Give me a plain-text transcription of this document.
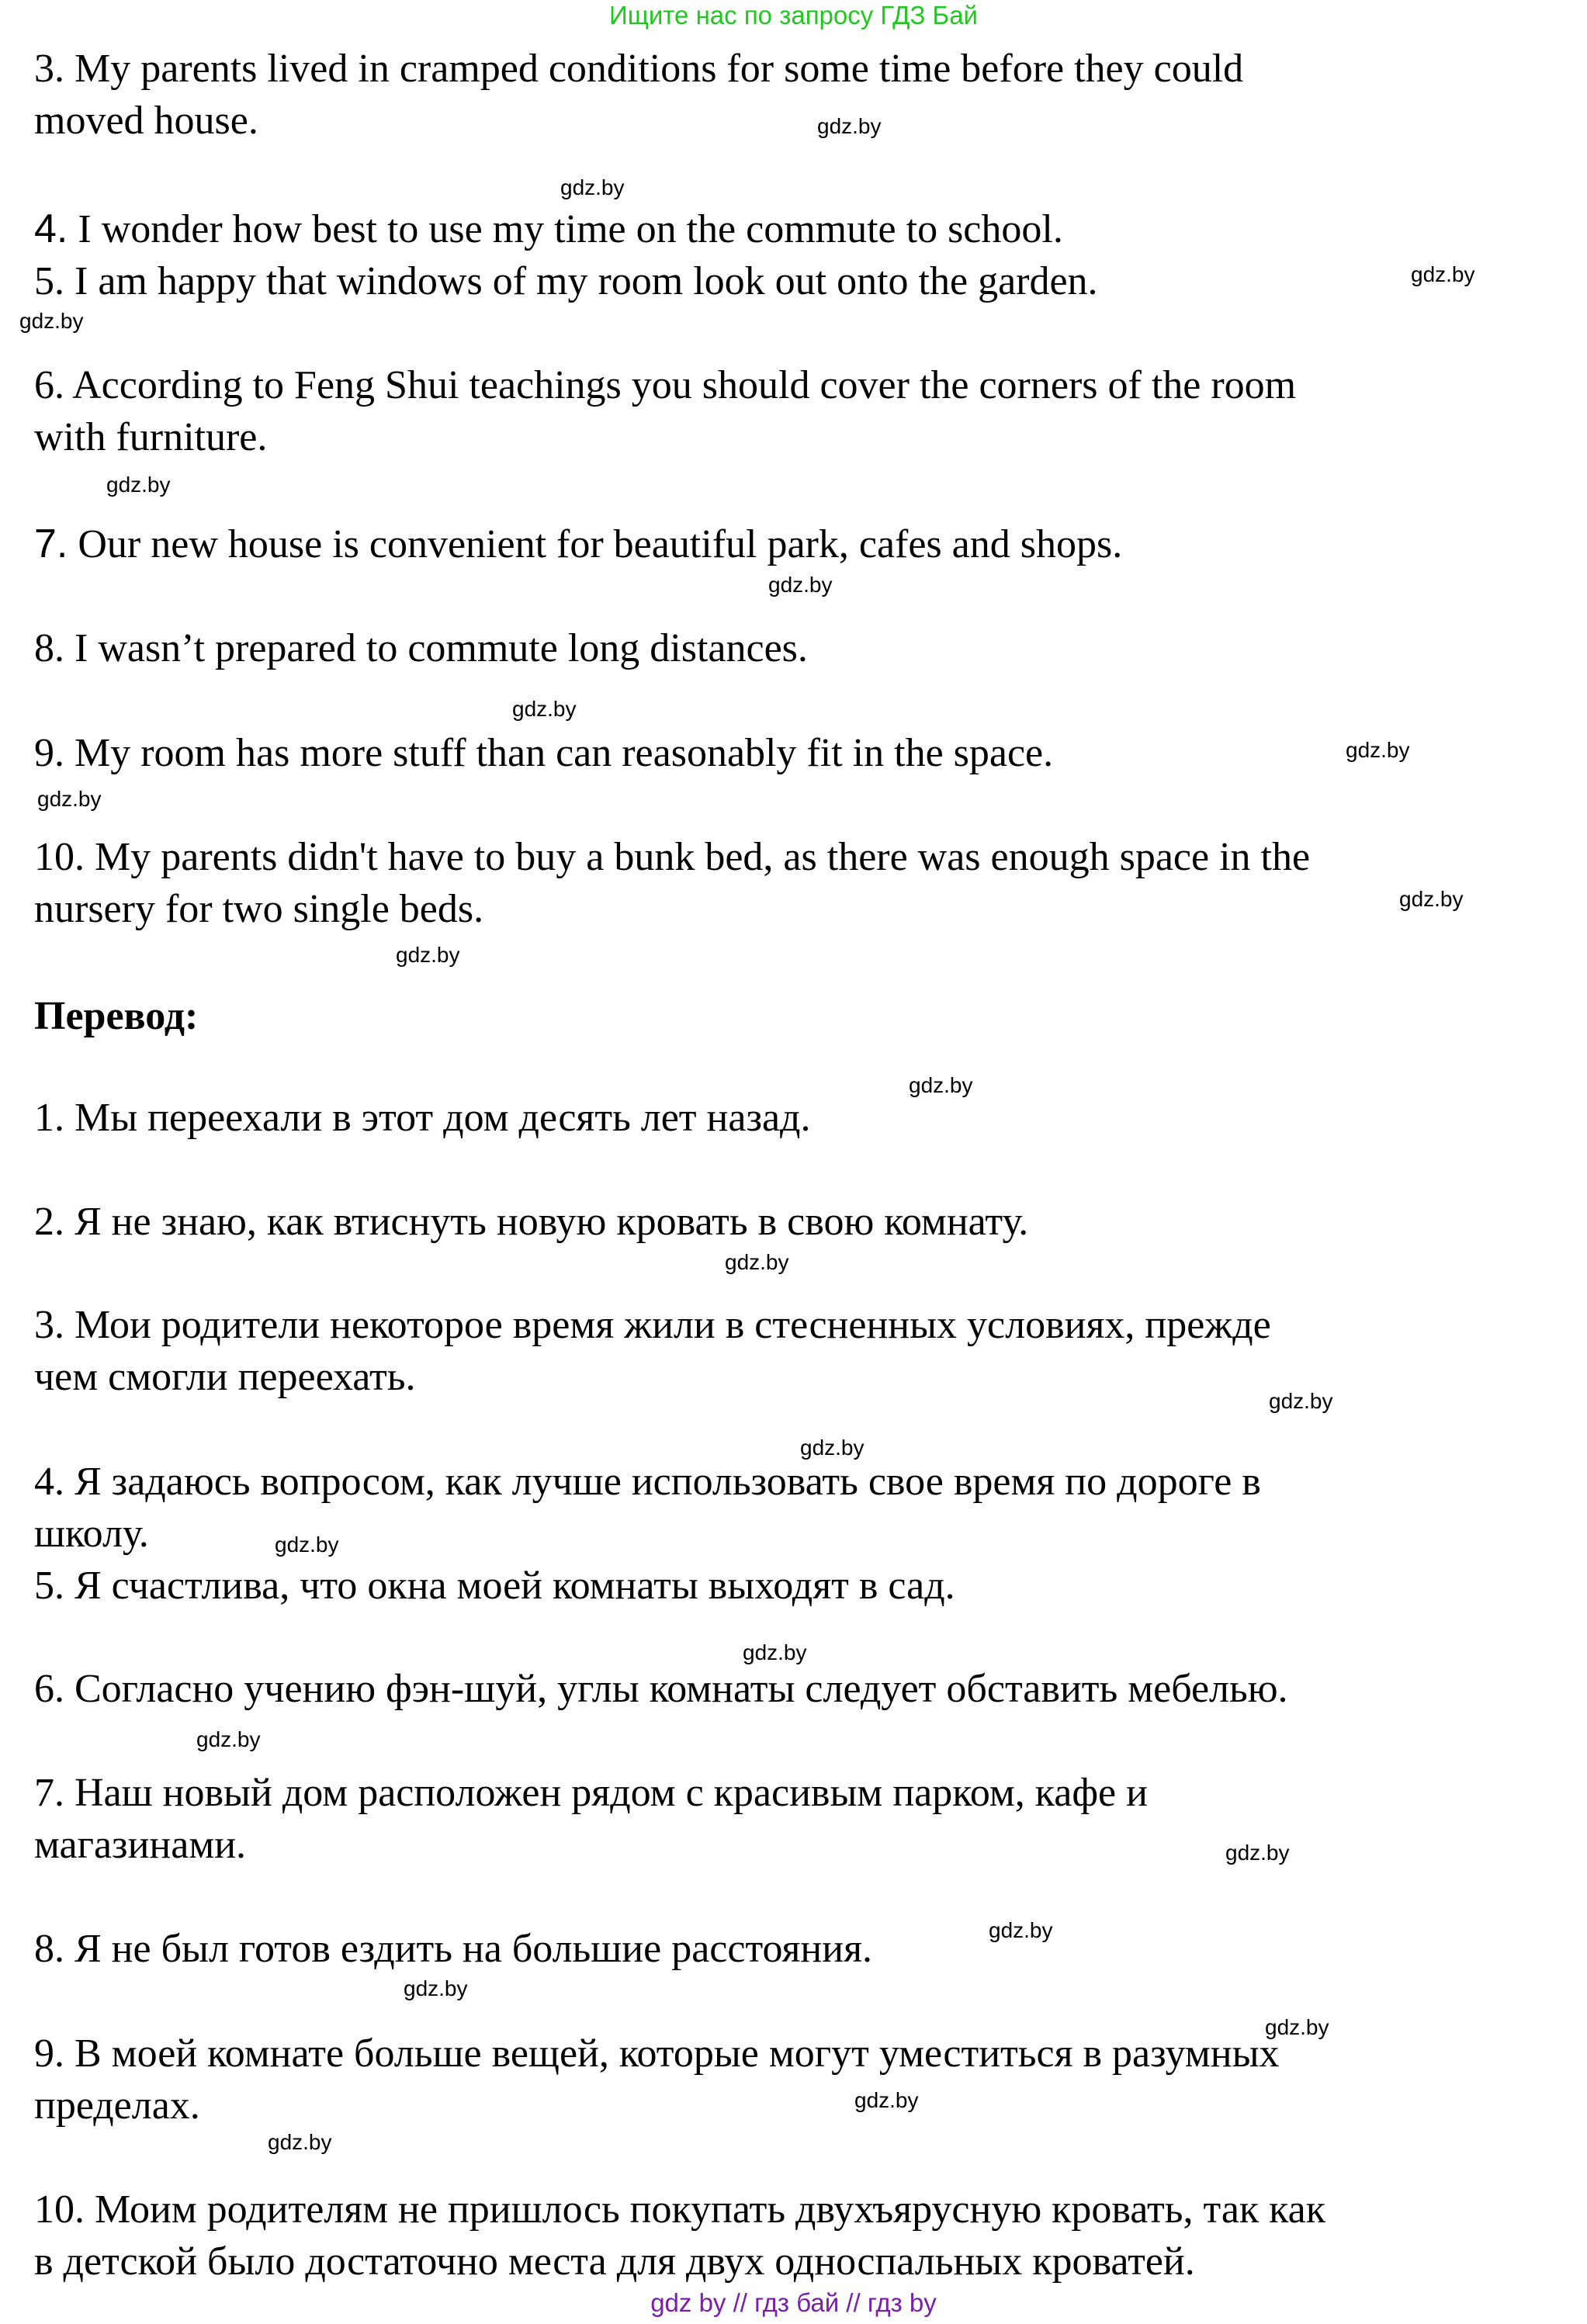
Ищите нас по запросу ГДЗ Бай
3. My parents lived in cramped conditions for some time before they could
moved house.
4. I wonder how best to use my time on the commute to school.
5. I am happy that windows of my room look out onto the garden.
6. According to Feng Shui teachings you should cover the corners of the room
with furniture.
7. Our new house is convenient for beautiful park, cafes and shops.
8. I wasn’t prepared to commute long distances.
9. My room has more stuff than can reasonably fit in the space.
10. My parents didn't have to buy a bunk bed, as there was enough space in the
nursery for two single beds.
Перевод:
1. Мы переехали в этот дом десять лет назад.
2. Я не знаю, как втиснуть новую кровать в свою комнату.
3. Мои родители некоторое время жили в стесненных условиях, прежде
чем смогли переехать.
4. Я задаюсь вопросом, как лучше использовать свое время по дороге в
школу.
5. Я счастлива, что окна моей комнаты выходят в сад.
6. Согласно учению фэн-шуй, углы комнаты следует обставить мебелью.
7. Наш новый дом расположен рядом с красивым парком, кафе и
магазинами.
8. Я не был готов ездить на большие расстояния.
9. В моей комнате больше вещей, которые могут уместиться в разумных
пределах.
10. Моим родителям не пришлось покупать двухъярусную кровать, так как
в детской было достаточно места для двух односпальных кроватей.
gdz.by
gdz.by
gdz.by
gdz.by
gdz.by
gdz.by
gdz.by
gdz.by
gdz.by
gdz.by
gdz.by
gdz.by
gdz.by
gdz.by
gdz.by
gdz.by
gdz.by
gdz.by
gdz.by
gdz.by
gdz.by
gdz.by
gdz.by
gdz.by
gdz by // гдз бай // гдз by
